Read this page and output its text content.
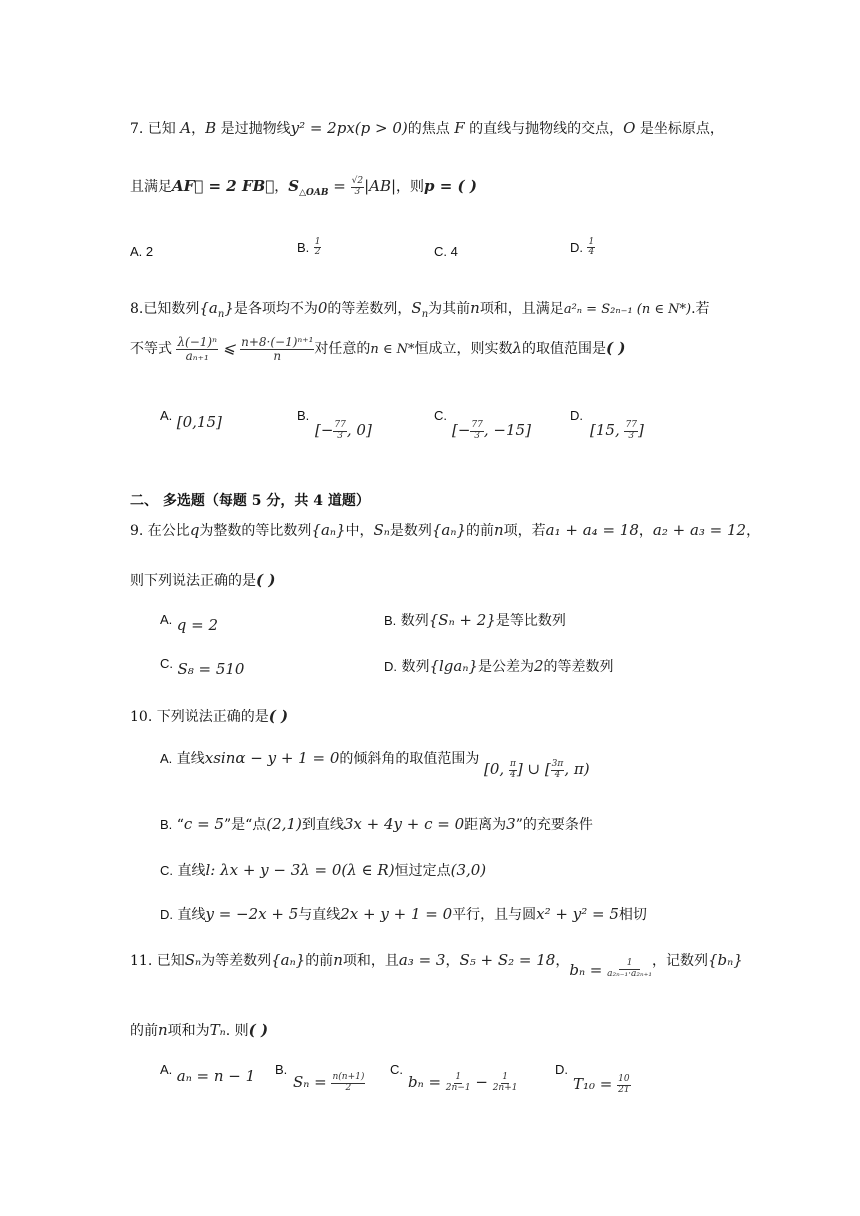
7. 已知 A，B 是过抛物线y² = 2px(p > 0)的焦点 F 的直线与抛物线的交点，O 是坐标原点，
且满足AF⃗ = 2 FB⃗，$S_{\triangle OAB} = \frac{√2}{3} |AB|$，则p = ( )
A. 2	B. $\frac{1}{2}$	C. 4	D. $\frac{1}{4}$
8.已知数列$\{a_n\}$是各项均不为0的等差数列，$S_n$为其前n项和，且满足a²ₙ = S₂ₙ₋₁ (n ∈ N*).若
不等式 $\frac{\text{λ(−1)ⁿ}}{\text{aₙ₊₁}}$ ⩽ $\frac{\text{n+8·(−1)ⁿ⁺¹}}{n}$ 对任意的n ∈ N*恒成立，则实数λ的取值范围是( )
A. [0,15]	B.
[− $\frac{77}{3}$ , 0]
C.
[− $\frac{77}{3}$ , −15]
D.
[15, $\frac{77}{3}$ ]
二、 多选题（每题 5 分，共 4 道题）
9. 在公比q为整数的等比数列{aₙ}中，Sₙ是数列{aₙ}的前n项，若a₁ + a₄ = 18，a₂ + a₃ = 12，
则下列说法正确的是( )
A. q = 2	B. 数列{Sₙ + 2}是等比数列
C. S₈ = 510	D. 数列{lgaₙ}是公差为2的等差数列
10. 下列说法正确的是( )
A. 直线xsinα − y + 1 = 0的倾斜角的取值范围为
[0, $\frac{\pi}{4}$ ] ∪ [ $\frac{3\pi}{4}$ , π)
B. “c = 5”是“点(2,1)到直线3x + 4y + c = 0距离为3”的充要条件
C. 直线l: λx + y − 3λ = 0(λ ∈ R)恒过定点(3,0)
D. 直线y = −2x + 5与直线2x + y + 1 = 0平行，且与圆x² + y² = 5相切
11. 已知Sₙ为等差数列{aₙ}的前n项和，且a₃ = 3，S₅ + S₂ = 18，$b_n = \frac{1}{\text{a₂ₙ₋₁·a₂ₙ₊₁}}$ ，记数列{bₙ}
的前n项和为Tₙ. 则( )
A. aₙ = n − 1 B.
$S_n = \frac{n(n+1)}{2}$
C.
$b_n = \frac{1}{2n-1} - \frac{1}{2n+1}$
D.
$T_{10} = \frac{10}{21}$
